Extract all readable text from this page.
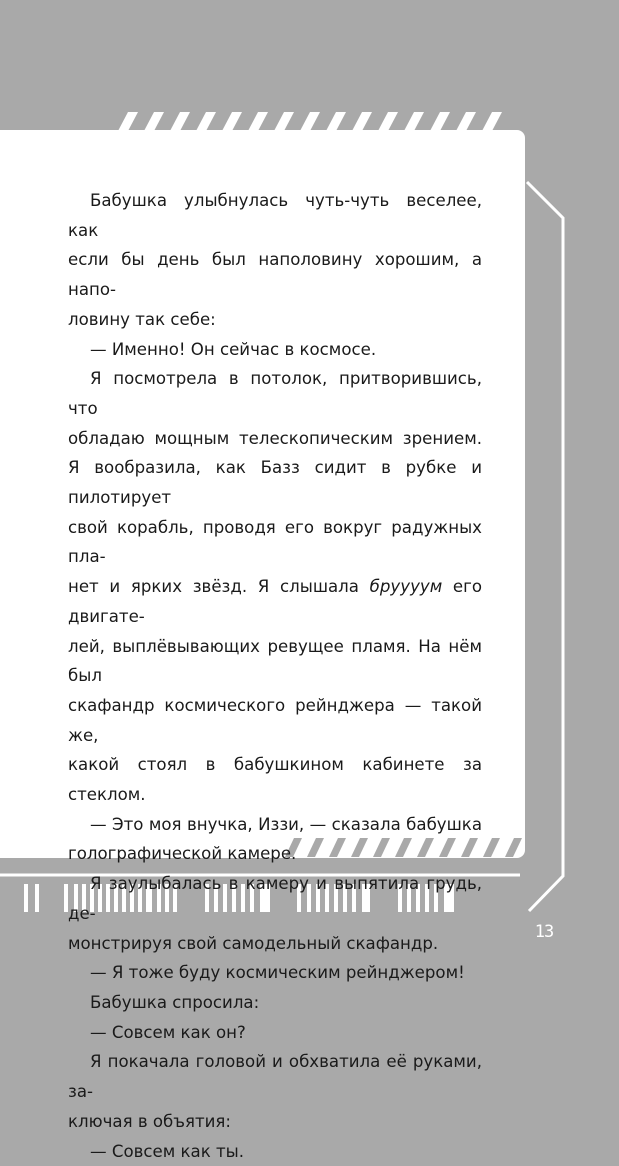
13

Бабушка улыбнулась чуть-чуть веселее, как
если бы день был наполовину хорошим, а напо-
ловину так себе:

— Именно! Он сейчас в космосе.

Я посмотрела в потолок, притворившись, что
обладаю мощным телескопическим зрением.
Я вообразила, как Базз сидит в рубке и пилотирует
свой корабль, проводя его вокруг радужных пла-
нет и ярких звёзд. Я слышала бруууум его двигате-
лей, выплёвывающих ревущее пламя. На нём был
скафандр космического рейнджера — такой же,
какой стоял в бабушкином кабинете за стеклом.

— Это моя внучка, Иззи, — сказала бабушка
голографической камере.

Я заулыбалась в камеру и выпятила грудь, де-
монстрируя свой самодельный скафандр.

— Я тоже буду космическим рейнджером!

Бабушка спросила:

— Совсем как он?

Я покачала головой и обхватила её руками, за-
ключая в объятия:

— Совсем как ты.
